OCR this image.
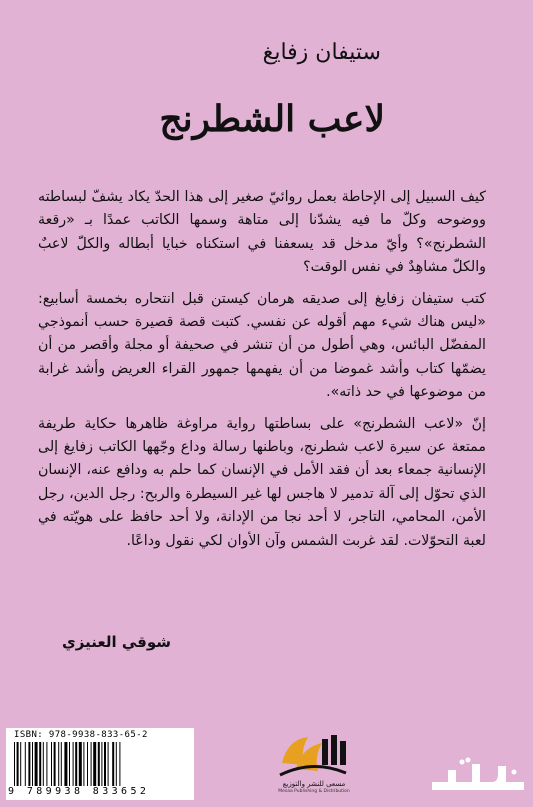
ستيفان زفايغ
لاعب الشطرنج

كيف السبيل إلى الإحاطة بعمل روائيّ صغير إلى هذا الحدّ يكاد يشفّ لبساطته ووضوحه وكلّ ما فيه يشدّنا إلى متاهة وسمها الكاتب عمدًا بـ «رقعة الشطرنج»؟ وأيّ مدخل قد يسعفنا في استكناه خبايا أبطاله والكلّ لاعبٌ والكلّ مشاهِدٌ في نفس الوقت؟

كتب ستيفان زفايغ إلى صديقه هرمان كيستن قبل انتحاره بخمسة أسابيع: «ليس هناك شيء مهم أقوله عن نفسي. كتبت قصة قصيرة حسب أنموذجي المفضّل البائس، وهي أطول من أن تنشر في صحيفة أو مجلة وأقصر من أن يضمّها كتاب وأشد غموضا من أن يفهمها جمهور القراء العريض وأشد غرابة من موضوعها في حد ذاته».

إنّ «لاعب الشطرنج» على بساطتها رواية مراوغة ظاهرها حكاية طريفة ممتعة عن سيرة لاعب شطرنج، وباطنها رسالة وداع وجّهها الكاتب زفايغ إلى الإنسانية جمعاء بعد أن فقد الأمل في الإنسان كما حلم به ودافع عنه، الإنسان الذي تحوّل إلى آلة تدمير لا هاجس لها غير السيطرة والربح: رجل الدين، رجل الأمن، المحامي، التاجر، لا أحد نجا من الإدانة، ولا أحد حافظ على هويّته في لعبة التحوّلات. لقد غربت الشمس وآن الأوان لكي نقول وداعًا.

شوقي العنيزي
ISBN: 978-9938-833-65-2
9 789938 833652
مسعى للنشر والتوزيع
Mesaa Publishing & Distribution
